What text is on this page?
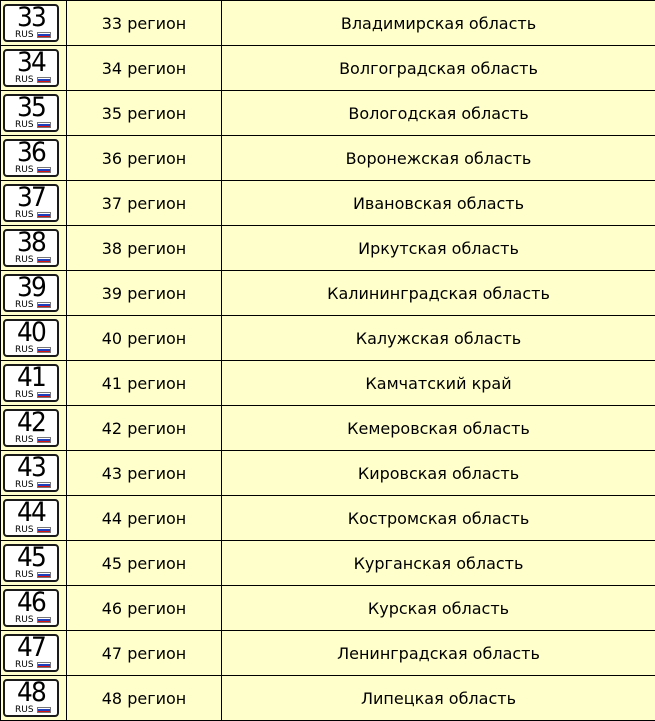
33
RUS	33 регион	Владимирская область

34
RUS	34 регион	Волгоградская область

35
RUS	35 регион	Вологодская область

36
RUS	36 регион	Воронежская область

37
RUS	37 регион	Ивановская область

38
RUS	38 регион	Иркутская область

39
RUS	39 регион	Калининградская область

40
RUS	40 регион	Калужская область

41
RUS	41 регион	Камчатский край

42
RUS	42 регион	Кемеровская область

43
RUS	43 регион	Кировская область

44
RUS	44 регион	Костромская область

45
RUS	45 регион	Курганская область

46
RUS	46 регион	Курская область

47
RUS	47 регион	Ленинградская область

48
RUS	48 регион	Липецкая область
